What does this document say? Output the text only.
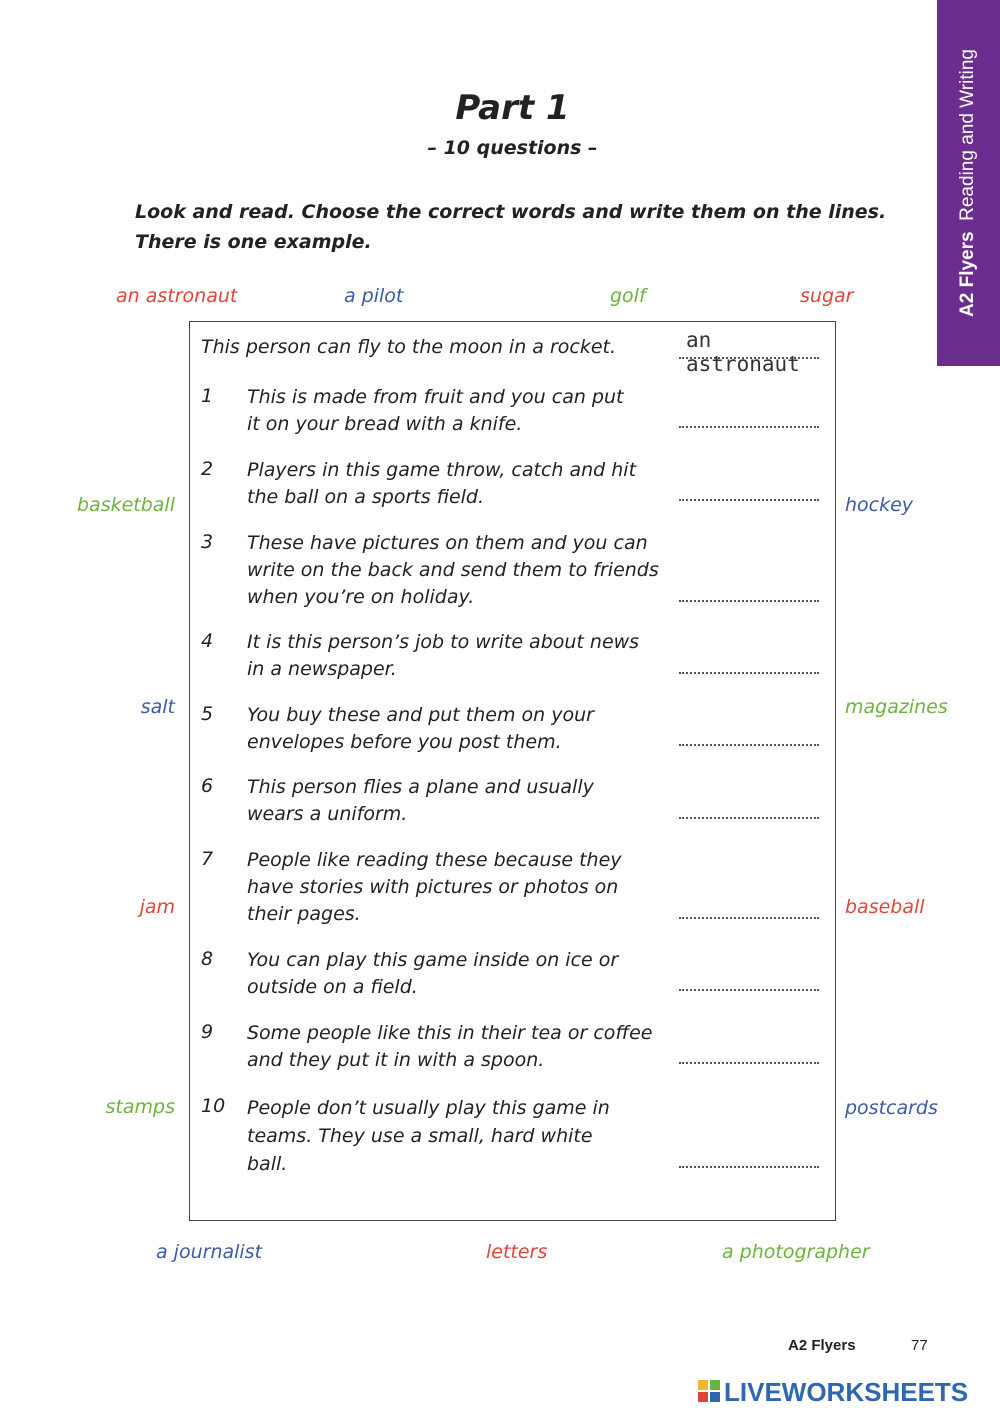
A2 Flyers  Reading and Writing
Part 1
– 10 questions –
Look and read. Choose the correct words and write them on the lines.
There is one example.
an astronaut	a pilot	golf	sugar
basketball
salt
jam
stamps
hockey
magazines
baseball
postcards
a journalist	letters	a photographer
This person can fly to the moon in a rocket.	an astronaut
1 This is made from fruit and you can put
it on your bread with a knife.
2 Players in this game throw, catch and hit
the ball on a sports field.
3 These have pictures on them and you can
write on the back and send them to friends
when you’re on holiday.
4 It is this person’s job to write about news
in a newspaper.
5 You buy these and put them on your
envelopes before you post them.
6 This person flies a plane and usually
wears a uniform.
7 People like reading these because they
have stories with pictures or photos on
their pages.
8 You can play this game inside on ice or
outside on a field.
9 Some people like this in their tea or coffee
and they put it in with a spoon.
10 People don’t usually play this game in
teams. They use a small, hard white
ball.
A2 Flyers	77
LIVEWORKSHEETS
